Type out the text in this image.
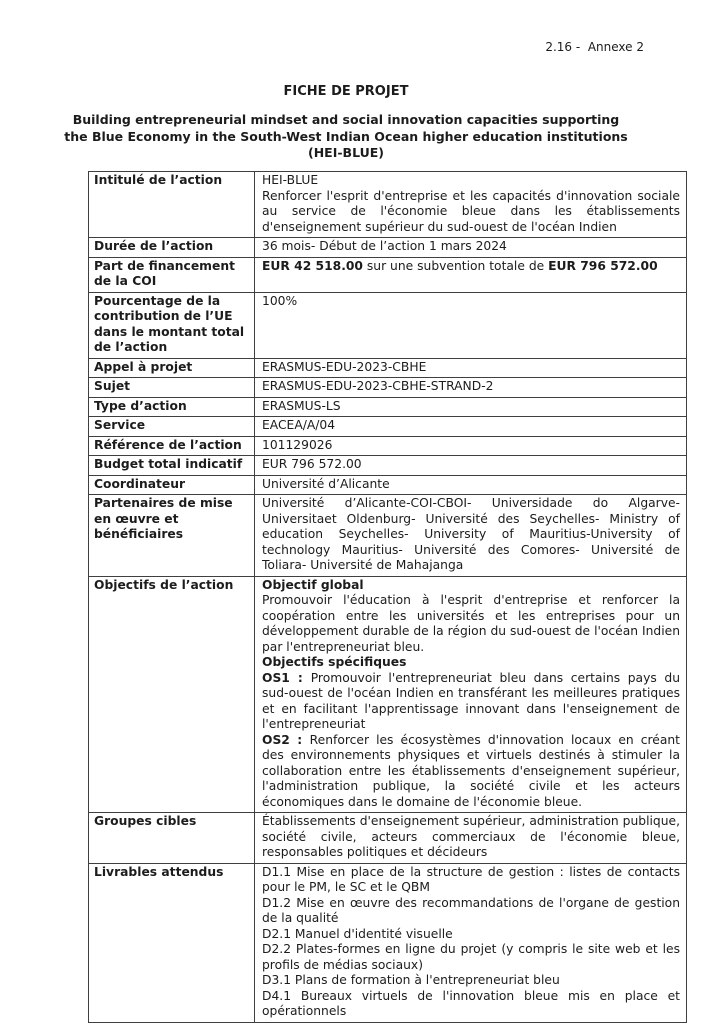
2.16 -  Annexe 2
FICHE DE PROJET
Building entrepreneurial mindset and social innovation capacities supporting
the Blue Economy in the South-West Indian Ocean higher education institutions
(HEI-BLUE)
Intitulé de l’action	HEI-BLUE
Renforcer l'esprit d'entreprise et les capacités d'innovation sociale au service de l'économie bleue dans les établissements d'enseignement supérieur du sud-ouest de l'océan Indien

Durée de l’action	36 mois- Début de l’action 1 mars 2024

Part de financement de la COI	EUR 42 518.00 sur une subvention totale de EUR 796 572.00

Pourcentage de la contribution de l’UE dans le montant total de l’action	100%

Appel à projet	ERASMUS-EDU-2023-CBHE

Sujet	ERASMUS-EDU-2023-CBHE-STRAND-2

Type d’action	ERASMUS-LS

Service	EACEA/A/04

Référence de l’action	101129026

Budget total indicatif	EUR 796 572.00

Coordinateur	Université d’Alicante

Partenaires de mise en œuvre et bénéficiaires	Université d’Alicante-COI-CBOI- Universidade do Algarve- Universitaet Oldenburg- Université des Seychelles- Ministry of education Seychelles- University of Mauritius-University of technology Mauritius- Université des Comores- Université de Toliara- Université de Mahajanga

Objectifs de l’action	Objectif global
Promouvoir l'éducation à l'esprit d'entreprise et renforcer la coopération entre les universités et les entreprises pour un développement durable de la région du sud-ouest de l'océan Indien par l'entrepreneuriat bleu.
Objectifs spécifiques
OS1 : Promouvoir l'entrepreneuriat bleu dans certains pays du sud-ouest de l'océan Indien en transférant les meilleures pratiques et en facilitant l'apprentissage innovant dans l'enseignement de l'entrepreneuriat
OS2 : Renforcer les écosystèmes d'innovation locaux en créant des environnements physiques et virtuels destinés à stimuler la collaboration entre les établissements d'enseignement supérieur, l'administration publique, la société civile et les acteurs économiques dans le domaine de l'économie bleue.

Groupes cibles	Établissements d'enseignement supérieur, administration publique, société civile, acteurs commerciaux de l'économie bleue, responsables politiques et décideurs

Livrables attendus	D1.1 Mise en place de la structure de gestion : listes de contacts pour le PM, le SC et le QBM
D1.2 Mise en œuvre des recommandations de l'organe de gestion de la qualité
D2.1 Manuel d'identité visuelle
D2.2 Plates-formes en ligne du projet (y compris le site web et les profils de médias sociaux)
D3.1 Plans de formation à l'entrepreneuriat bleu
D4.1 Bureaux virtuels de l'innovation bleue mis en place et opérationnels
